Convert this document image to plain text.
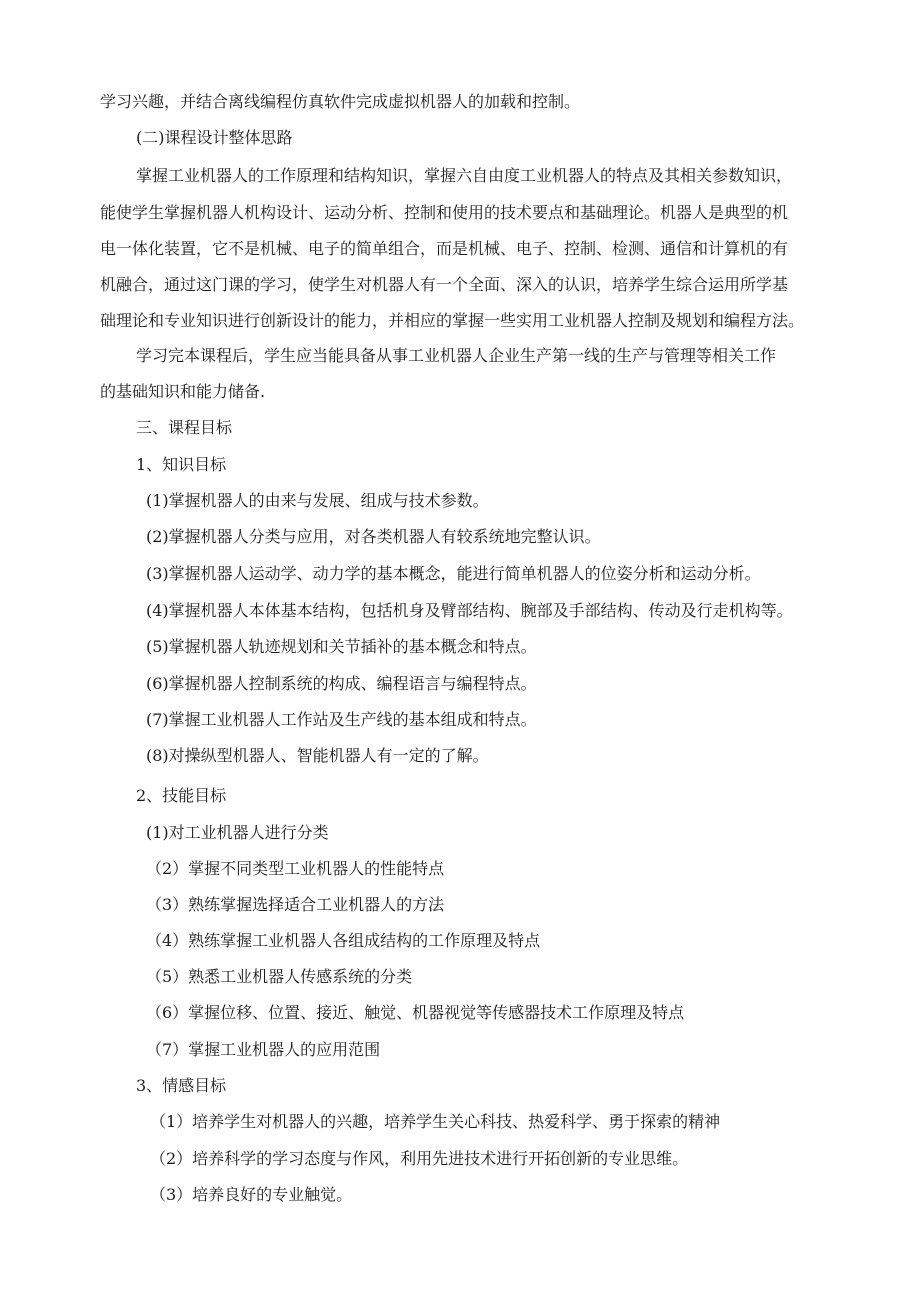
学习兴趣，并结合离线编程仿真软件完成虚拟机器人的加载和控制。
(二)课程设计整体思路
掌握工业机器人的工作原理和结构知识，掌握六自由度工业机器人的特点及其相关参数知识，
能使学生掌握机器人机构设计、运动分析、控制和使用的技术要点和基础理论。机器人是典型的机
电一体化装置，它不是机械、电子的简单组合，而是机械、电子、控制、检测、通信和计算机的有
机融合，通过这门课的学习，使学生对机器人有一个全面、深入的认识，培养学生综合运用所学基
础理论和专业知识进行创新设计的能力，并相应的掌握一些实用工业机器人控制及规划和编程方法。
学习完本课程后，学生应当能具备从事工业机器人企业生产第一线的生产与管理等相关工作
的基础知识和能力储备.
三、课程目标
1、知识目标
(1)掌握机器人的由来与发展、组成与技术参数。
(2)掌握机器人分类与应用，对各类机器人有较系统地完整认识。
(3)掌握机器人运动学、动力学的基本概念，能进行简单机器人的位姿分析和运动分析。
(4)掌握机器人本体基本结构，包括机身及臂部结构、腕部及手部结构、传动及行走机构等。
(5)掌握机器人轨迹规划和关节插补的基本概念和特点。
(6)掌握机器人控制系统的构成、编程语言与编程特点。
(7)掌握工业机器人工作站及生产线的基本组成和特点。
(8)对操纵型机器人、智能机器人有一定的了解。
2、技能目标
(1)对工业机器人进行分类
（2）掌握不同类型工业机器人的性能特点
（3）熟练掌握选择适合工业机器人的方法
（4）熟练掌握工业机器人各组成结构的工作原理及特点
（5）熟悉工业机器人传感系统的分类
（6）掌握位移、位置、接近、触觉、机器视觉等传感器技术工作原理及特点
（7）掌握工业机器人的应用范围
3、情感目标
（1）培养学生对机器人的兴趣，培养学生关心科技、热爱科学、勇于探索的精神
（2）培养科学的学习态度与作风，利用先进技术进行开拓创新的专业思维。
（3）培养良好的专业触觉。
